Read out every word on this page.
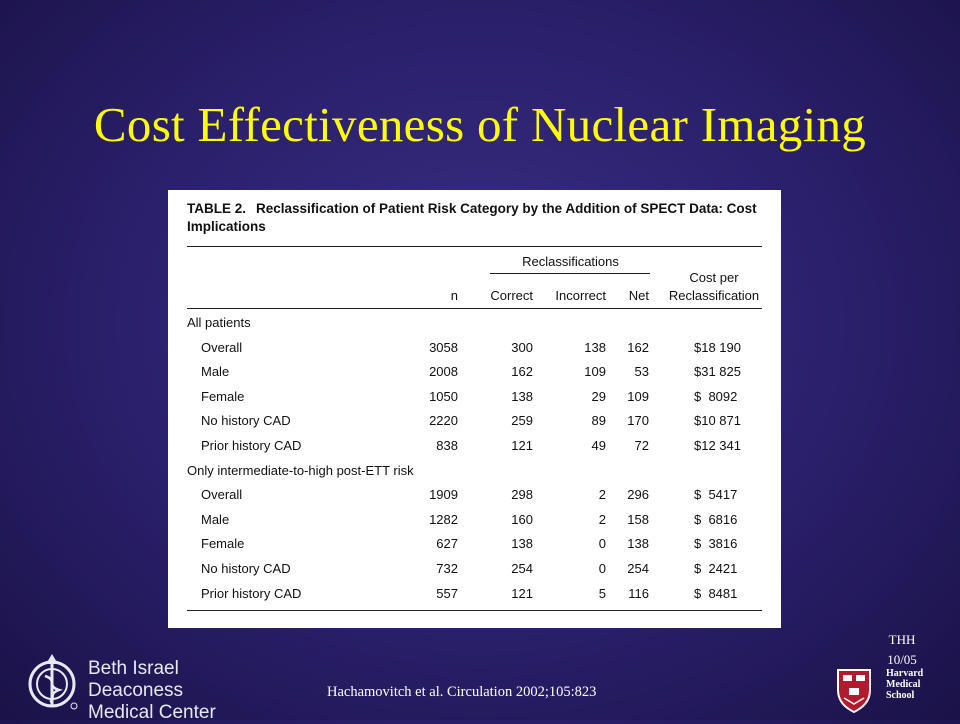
Cost Effectiveness of Nuclear Imaging
TABLE 2. Reclassification of Patient Risk Category by the Addition of SPECT Data: Cost Implications
Reclassifications
n	Correct	Incorrect	Net
Cost per
Reclassification
All patients
Overall	3058	300	138	162	$18 190
Male	2008	162	109	53	$31 825
Female	1050	138	29	109	$  8092
No history CAD	2220	259	89	170	$10 871
Prior history CAD	838	121	49	72	$12 341
Only intermediate-to-high post-ETT risk
Overall	1909	298	2	296	$  5417
Male	1282	160	2	158	$  6816
Female	627	138	0	138	$  3816
No history CAD	732	254	0	254	$  2421
Prior history CAD	557	121	5	116	$  8481
THH
10/05
Beth Israel Deaconess
Medical Center
Hachamovitch et al. Circulation 2002;105:823
Harvard
Medical
School
